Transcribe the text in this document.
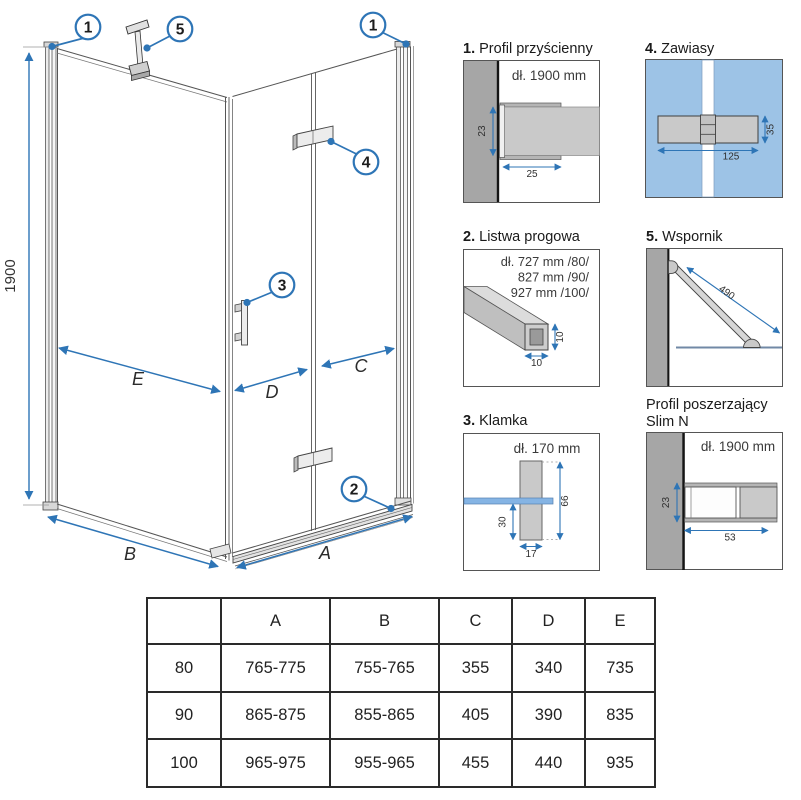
1900
E
D
C
B	A
1	5	1
4
3
2
1. Profil przyścienny
dł. 1900 mm
23
25
4. Zawiasy
35
125
2. Listwa progowa
dł. 727 mm /80/
827 mm /90/
927 mm /100/
10
10
5. Wspornik
490
3. Klamka
dł. 170 mm
66
30
17
Profil poszerzający
Slim N
dł. 1900 mm
23
53
	A	B	C	D	E
80	765-775	755-765	355	340	735
90	865-875	855-865	405	390	835
100	965-975	955-965	455	440	935
